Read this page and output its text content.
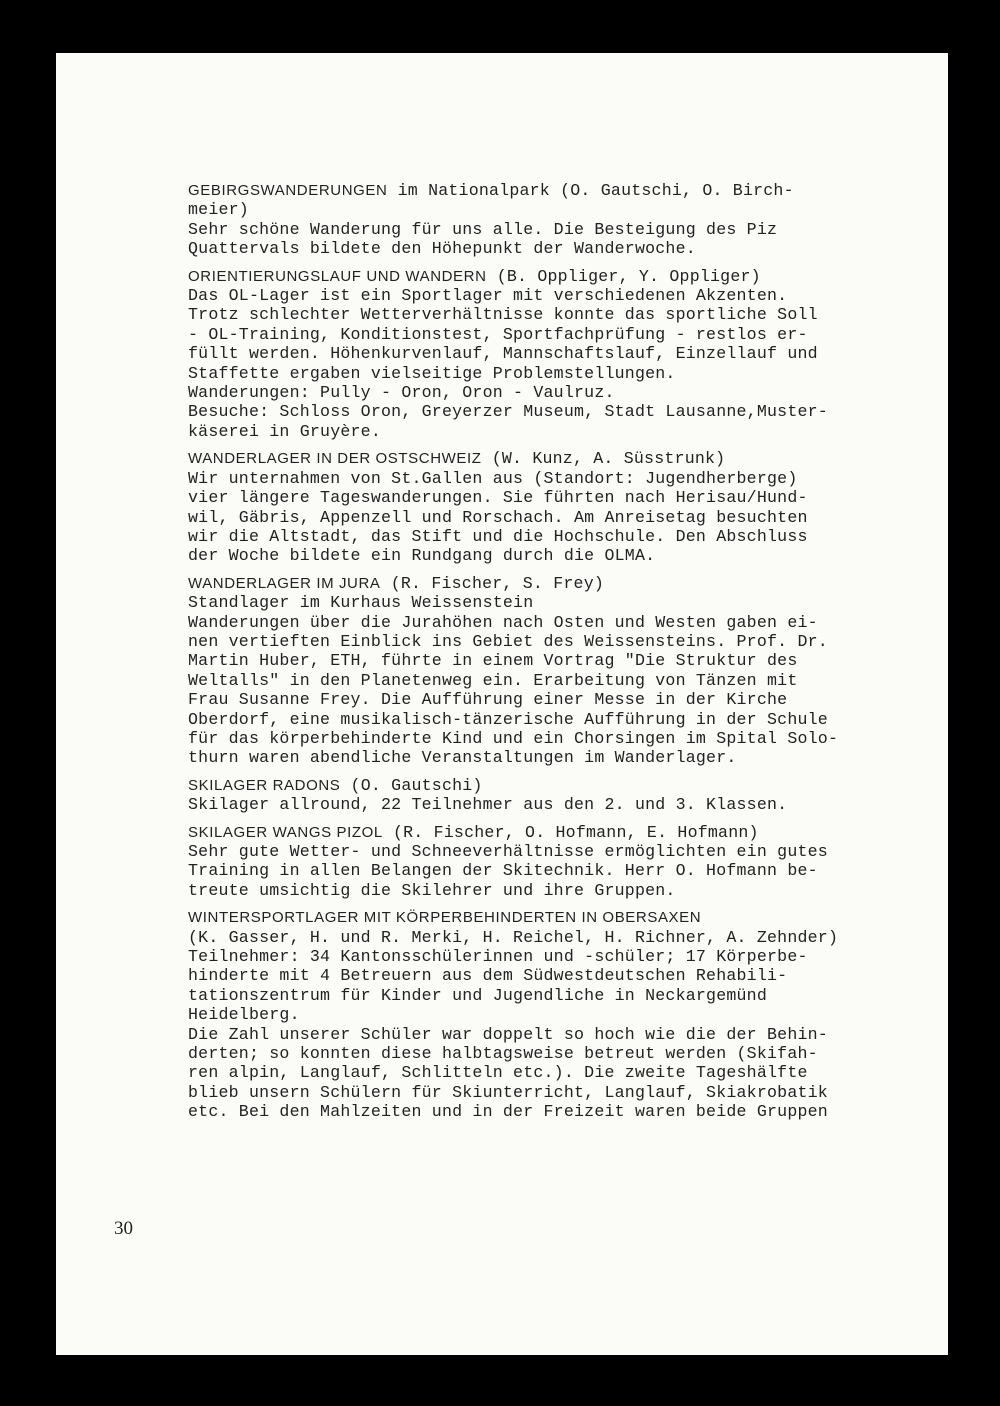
GEBIRGSWANDERUNGEN im Nationalpark (O. Gautschi, O. Birch-
meier)
Sehr schöne Wanderung für uns alle. Die Besteigung des Piz
Quattervals bildete den Höhepunkt der Wanderwoche.
ORIENTIERUNGSLAUF UND WANDERN (B. Oppliger, Y. Oppliger)
Das OL-Lager ist ein Sportlager mit verschiedenen Akzenten.
Trotz schlechter Wetterverhältnisse konnte das sportliche Soll
- OL-Training, Konditionstest, Sportfachprüfung - restlos er-
füllt werden. Höhenkurvenlauf, Mannschaftslauf, Einzellauf und
Staffette ergaben vielseitige Problemstellungen.
Wanderungen: Pully - Oron, Oron - Vaulruz.
Besuche: Schloss Oron, Greyerzer Museum, Stadt Lausanne,Muster-
käserei in Gruyère.
WANDERLAGER IN DER OSTSCHWEIZ (W. Kunz, A. Süsstrunk)
Wir unternahmen von St.Gallen aus (Standort: Jugendherberge)
vier längere Tageswanderungen. Sie führten nach Herisau/Hund-
wil, Gäbris, Appenzell und Rorschach. Am Anreisetag besuchten
wir die Altstadt, das Stift und die Hochschule. Den Abschluss
der Woche bildete ein Rundgang durch die OLMA.
WANDERLAGER IM JURA (R. Fischer, S. Frey)
Standlager im Kurhaus Weissenstein
Wanderungen über die Jurahöhen nach Osten und Westen gaben ei-
nen vertieften Einblick ins Gebiet des Weissensteins. Prof. Dr.
Martin Huber, ETH, führte in einem Vortrag "Die Struktur des
Weltalls" in den Planetenweg ein. Erarbeitung von Tänzen mit
Frau Susanne Frey. Die Aufführung einer Messe in der Kirche
Oberdorf, eine musikalisch-tänzerische Aufführung in der Schule
für das körperbehinderte Kind und ein Chorsingen im Spital Solo-
thurn waren abendliche Veranstaltungen im Wanderlager.
SKILAGER RADONS (O. Gautschi)
Skilager allround, 22 Teilnehmer aus den 2. und 3. Klassen.
SKILAGER WANGS PIZOL (R. Fischer, O. Hofmann, E. Hofmann)
Sehr gute Wetter- und Schneeverhältnisse ermöglichten ein gutes
Training in allen Belangen der Skitechnik. Herr O. Hofmann be-
treute umsichtig die Skilehrer und ihre Gruppen.
WINTERSPORTLAGER MIT KÖRPERBEHINDERTEN IN OBERSAXEN
(K. Gasser, H. und R. Merki, H. Reichel, H. Richner, A. Zehnder)
Teilnehmer: 34 Kantonsschülerinnen und -schüler; 17 Körperbe-
hinderte mit 4 Betreuern aus dem Südwestdeutschen Rehabili-
tationszentrum für Kinder und Jugendliche in Neckargemünd
Heidelberg.
Die Zahl unserer Schüler war doppelt so hoch wie die der Behin-
derten; so konnten diese halbtagsweise betreut werden (Skifah-
ren alpin, Langlauf, Schlitteln etc.). Die zweite Tageshälfte
blieb unsern Schülern für Skiunterricht, Langlauf, Skiakrobatik
etc. Bei den Mahlzeiten und in der Freizeit waren beide Gruppen
30
